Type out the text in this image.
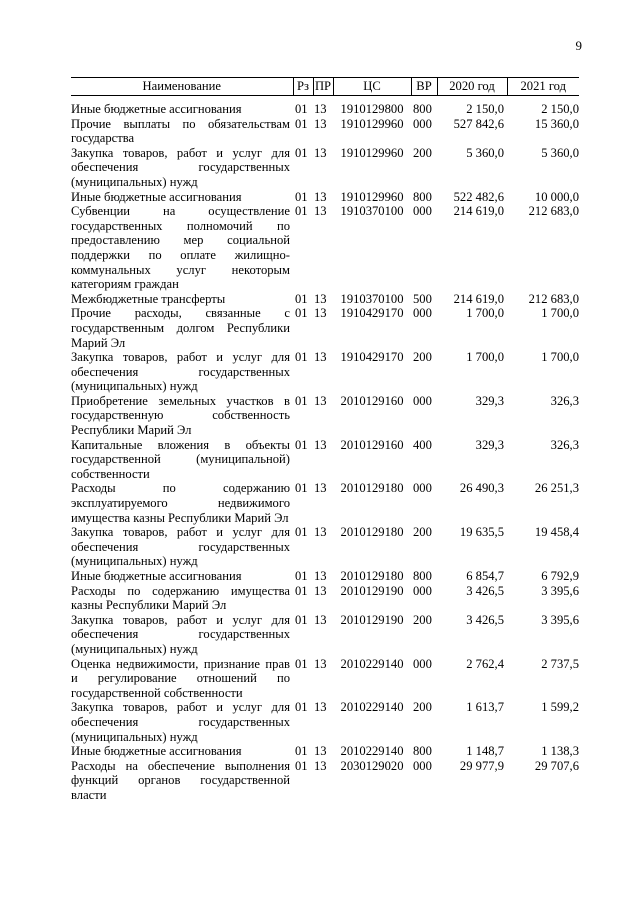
9
Наименование	Рз	ПР	ЦС	ВР	2020 год	2021 год
Иные бюджетные ассигнования	01	13	1910129800	800	2 150,0	2 150,0
Прочие выплаты по обязательствам государства	01	13	1910129960	000	527 842,6	15 360,0
Закупка товаров, работ и услуг для обеспечения государственных (муниципальных) нужд	01	13	1910129960	200	5 360,0	5 360,0
Иные бюджетные ассигнования	01	13	1910129960	800	522 482,6	10 000,0
Субвенции на осуществление государственных полномочий по предоставлению мер социальной поддержки по оплате жилищно-коммунальных услуг некоторым категориям граждан	01	13	1910370100	000	214 619,0	212 683,0
Межбюджетные трансферты	01	13	1910370100	500	214 619,0	212 683,0
Прочие расходы, связанные с государственным долгом Республики Марий Эл	01	13	1910429170	000	1 700,0	1 700,0
Закупка товаров, работ и услуг для обеспечения государственных (муниципальных) нужд	01	13	1910429170	200	1 700,0	1 700,0
Приобретение земельных участков в государственную собственность Республики Марий Эл	01	13	2010129160	000	329,3	326,3
Капитальные вложения в объекты государственной (муниципальной) собственности	01	13	2010129160	400	329,3	326,3
Расходы по содержанию эксплуатируемого недвижимого имущества казны Республики Марий Эл	01	13	2010129180	000	26 490,3	26 251,3
Закупка товаров, работ и услуг для обеспечения государственных (муниципальных) нужд	01	13	2010129180	200	19 635,5	19 458,4
Иные бюджетные ассигнования	01	13	2010129180	800	6 854,7	6 792,9
Расходы по содержанию имущества казны Республики Марий Эл	01	13	2010129190	000	3 426,5	3 395,6
Закупка товаров, работ и услуг для обеспечения государственных (муниципальных) нужд	01	13	2010129190	200	3 426,5	3 395,6
Оценка недвижимости, признание прав и регулирование отношений по государственной собственности	01	13	2010229140	000	2 762,4	2 737,5
Закупка товаров, работ и услуг для обеспечения государственных (муниципальных) нужд	01	13	2010229140	200	1 613,7	1 599,2
Иные бюджетные ассигнования	01	13	2010229140	800	1 148,7	1 138,3
Расходы на обеспечение выполнения функций органов государственной власти	01	13	2030129020	000	29 977,9	29 707,6
